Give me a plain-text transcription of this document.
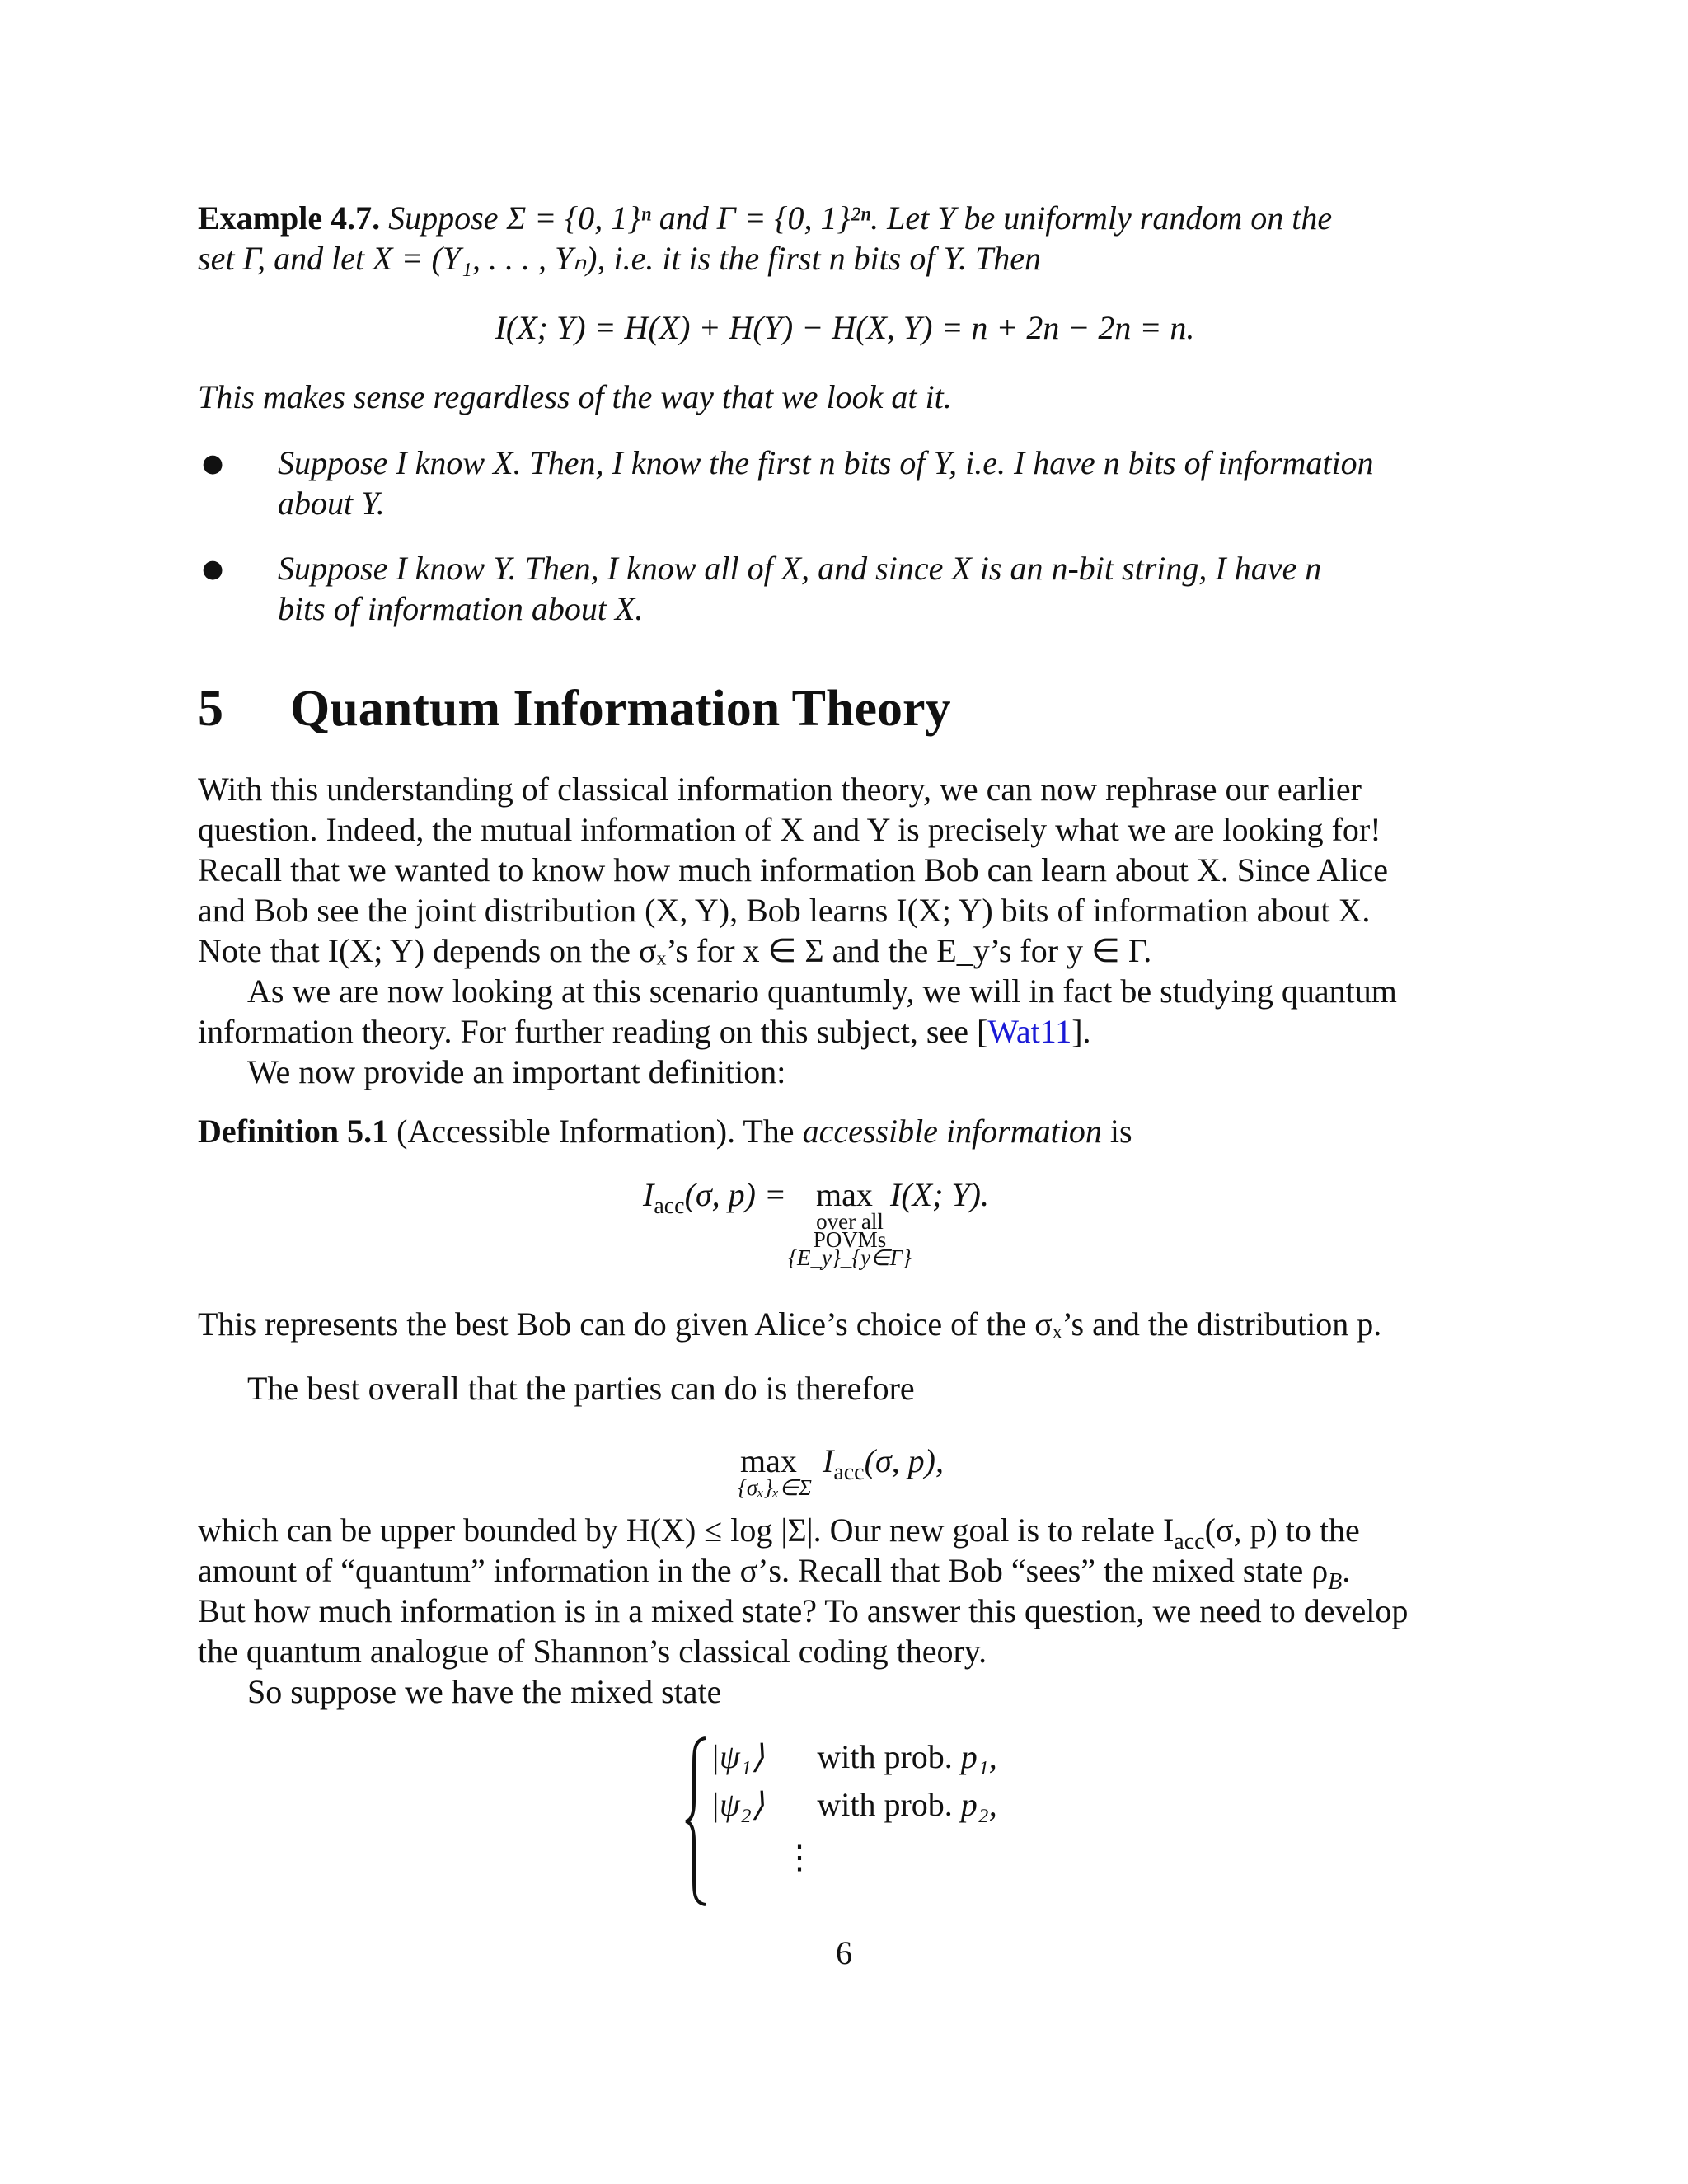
Example 4.7. Suppose Σ = {0, 1}ⁿ and Γ = {0, 1}²ⁿ. Let Y be uniformly random on the
set Γ, and let X = (Y₁, . . . , Yₙ), i.e. it is the first n bits of Y. Then
I(X; Y) = H(X) + H(Y) − H(X, Y) = n + 2n − 2n = n.
This makes sense regardless of the way that we look at it.
● Suppose I know X. Then, I know the first n bits of Y, i.e. I have n bits of information
about Y.
● Suppose I know Y. Then, I know all of X, and since X is an n-bit string, I have n
bits of information about X.
5 Quantum Information Theory
With this understanding of classical information theory, we can now rephrase our earlier
question. Indeed, the mutual information of X and Y is precisely what we are looking for!
Recall that we wanted to know how much information Bob can learn about X. Since Alice
and Bob see the joint distribution (X, Y), Bob learns I(X; Y) bits of information about X.
Note that I(X; Y) depends on the σₓ’s for x ∈ Σ and the E_y’s for y ∈ Γ.
As we are now looking at this scenario quantumly, we will in fact be studying quantum
information theory. For further reading on this subject, see [Wat11].
We now provide an important definition:
Definition 5.1 (Accessible Information). The accessible information is
$I_{acc}(\sigma$, p) = max I(X; Y).
over all
POVMs
{E_y}_{y∈Γ}
This represents the best Bob can do given Alice’s choice of the σₓ’s and the distribution p.
The best overall that the parties can do is therefore
max
{σₓ}ₓ∈Σ
$I_{acc}(\sigma$, p),
which can be upper bounded by H(X) ≤ log |Σ|. Our new goal is to relate $I_{acc}(\sigma$, p) to the
amount of “quantum” information in the σ’s. Recall that Bob “sees” the mixed state $\rho_B$.
But how much information is in a mixed state? To answer this question, we need to develop
the quantum analogue of Shannon’s classical coding theory.
So suppose we have the mixed state
|ψ₁⟩ with prob. p₁,
|ψ₂⟩ with prob. p₂,
⋮
6
